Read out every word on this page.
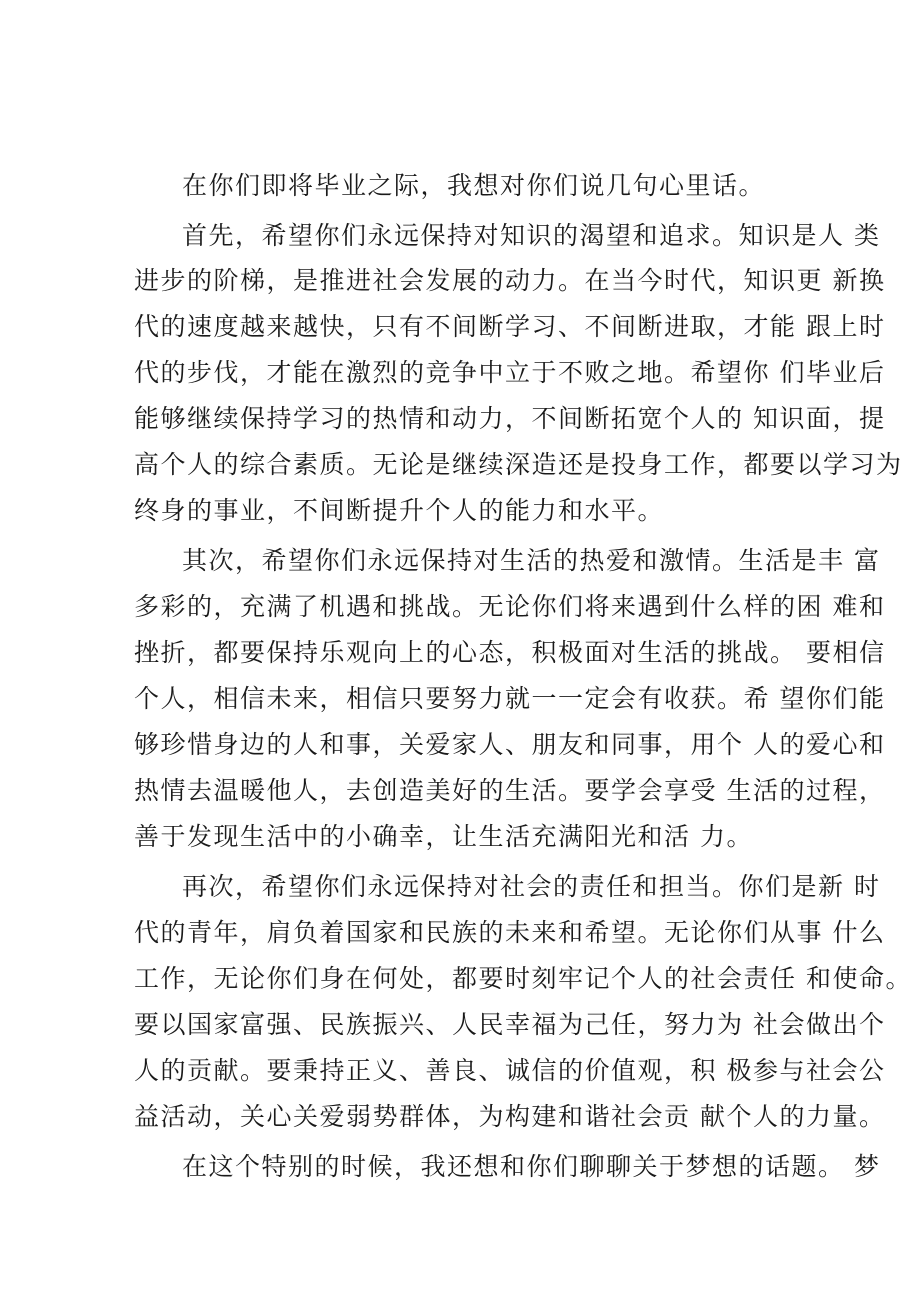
在你们即将毕业之际，我想对你们说几句心里话。
首先，希望你们永远保持对知识的渴望和追求。知识是人 类
进步的阶梯，是推进社会发展的动力。在当今时代，知识更 新换
代的速度越来越快，只有不间断学习、不间断进取，才能 跟上时
代的步伐，才能在激烈的竞争中立于不败之地。希望你 们毕业后
能够继续保持学习的热情和动力，不间断拓宽个人的 知识面，提
高个人的综合素质。无论是继续深造还是投身工作，都要以学习为
终身的事业，不间断提升个人的能力和水平。
其次，希望你们永远保持对生活的热爱和激情。生活是丰 富
多彩的，充满了机遇和挑战。无论你们将来遇到什么样的困 难和
挫折，都要保持乐观向上的心态，积极面对生活的挑战。 要相信
个人，相信未来，相信只要努力就一一定会有收获。希 望你们能
够珍惜身边的人和事，关爱家人、朋友和同事，用个 人的爱心和
热情去温暖他人，去创造美好的生活。要学会享受 生活的过程，
善于发现生活中的小确幸，让生活充满阳光和活 力。
再次，希望你们永远保持对社会的责任和担当。你们是新 时
代的青年，肩负着国家和民族的未来和希望。无论你们从事 什么
工作，无论你们身在何处，都要时刻牢记个人的社会责任 和使命。
要以国家富强、民族振兴、人民幸福为己任，努力为 社会做出个
人的贡献。要秉持正义、善良、诚信的价值观，积 极参与社会公
益活动，关心关爱弱势群体，为构建和谐社会贡 献个人的力量。
在这个特别的时候，我还想和你们聊聊关于梦想的话题。 梦
